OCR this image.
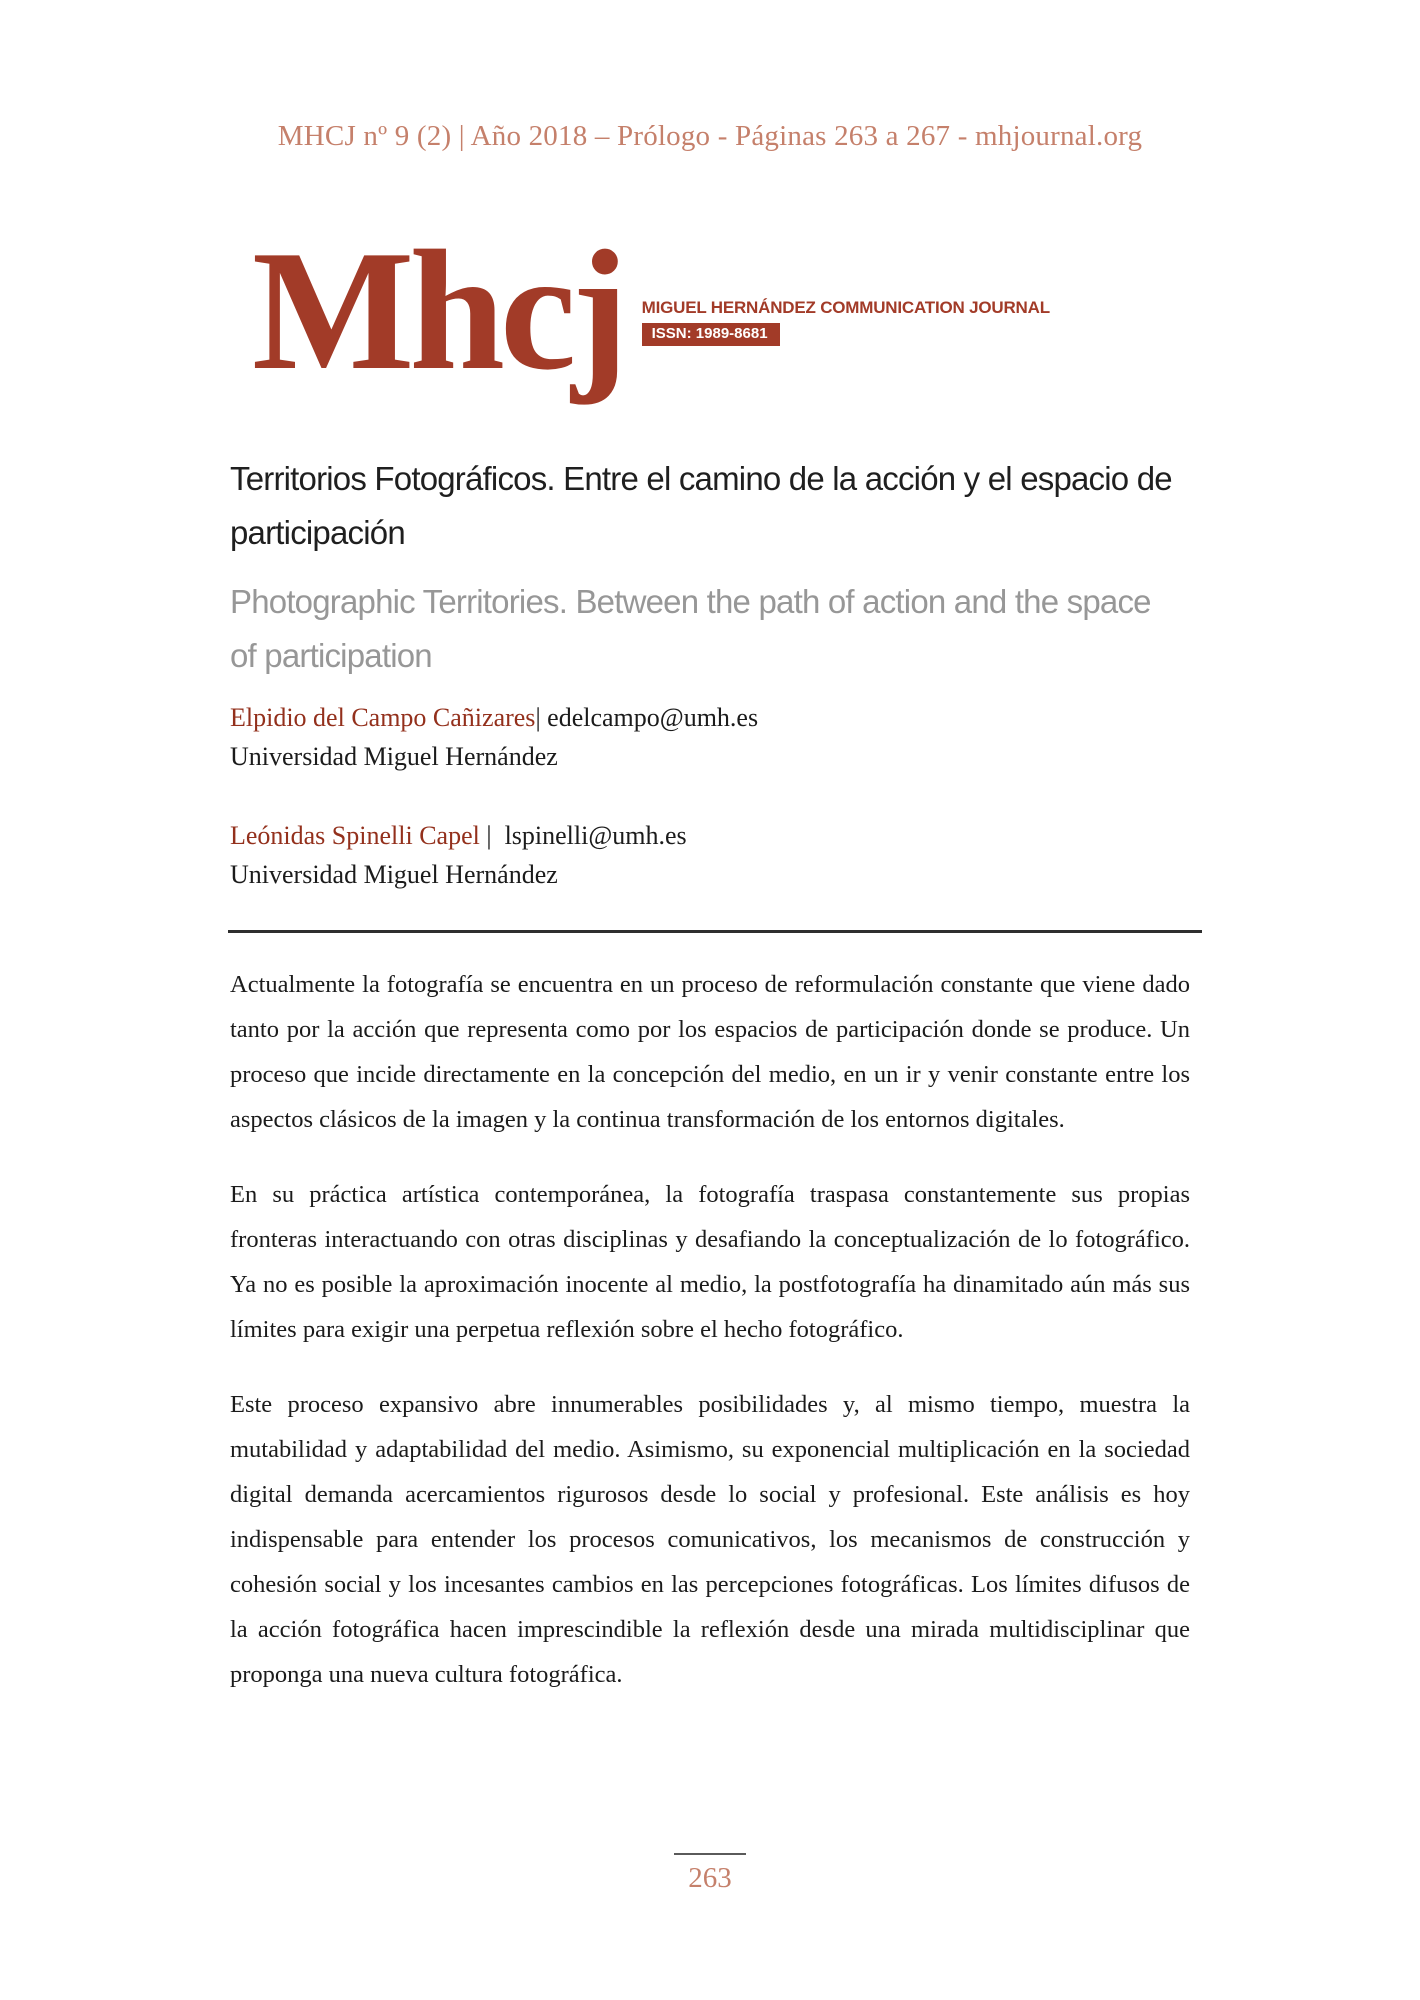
MHCJ nº 9 (2) | Año 2018 – Prólogo - Páginas 263 a 267 - mhjournal.org
Mhcj MIGUEL HERNÁNDEZ COMMUNICATION JOURNAL
ISSN: 1989-8681
Territorios Fotográficos. Entre el camino de la acción y el espacio de participación
Photographic Territories. Between the path of action and the space of participation
Elpidio del Campo Cañizares| edelcampo@umh.es
Universidad Miguel Hernández
Leónidas Spinelli Capel |  lspinelli@umh.es
Universidad Miguel Hernández

Actualmente la fotografía se encuentra en un proceso de reformulación constante que viene dado tanto por la acción que representa como por los espacios de participación donde se produce. Un proceso que incide directamente en la concepción del medio, en un ir y venir constante entre los aspectos clásicos de la imagen y la continua transformación de los entornos digitales.

En su práctica artística contemporánea, la fotografía traspasa constantemente sus propias fronteras interactuando con otras disciplinas y desafiando la conceptualización de lo fotográfico. Ya no es posible la aproximación inocente al medio, la postfotografía ha dinamitado aún más sus límites para exigir una perpetua reflexión sobre el hecho fotográfico.

Este proceso expansivo abre innumerables posibilidades y, al mismo tiempo, muestra la mutabilidad y adaptabilidad del medio. Asimismo, su exponencial multiplicación en la sociedad digital demanda acercamientos rigurosos desde lo social y profesional. Este análisis es hoy indispensable para entender los procesos comunicativos, los mecanismos de construcción y cohesión social y los incesantes cambios en las percepciones fotográficas. Los límites difusos de la acción fotográfica hacen imprescindible la reflexión desde una mirada multidisciplinar que proponga una nueva cultura fotográfica.

263
